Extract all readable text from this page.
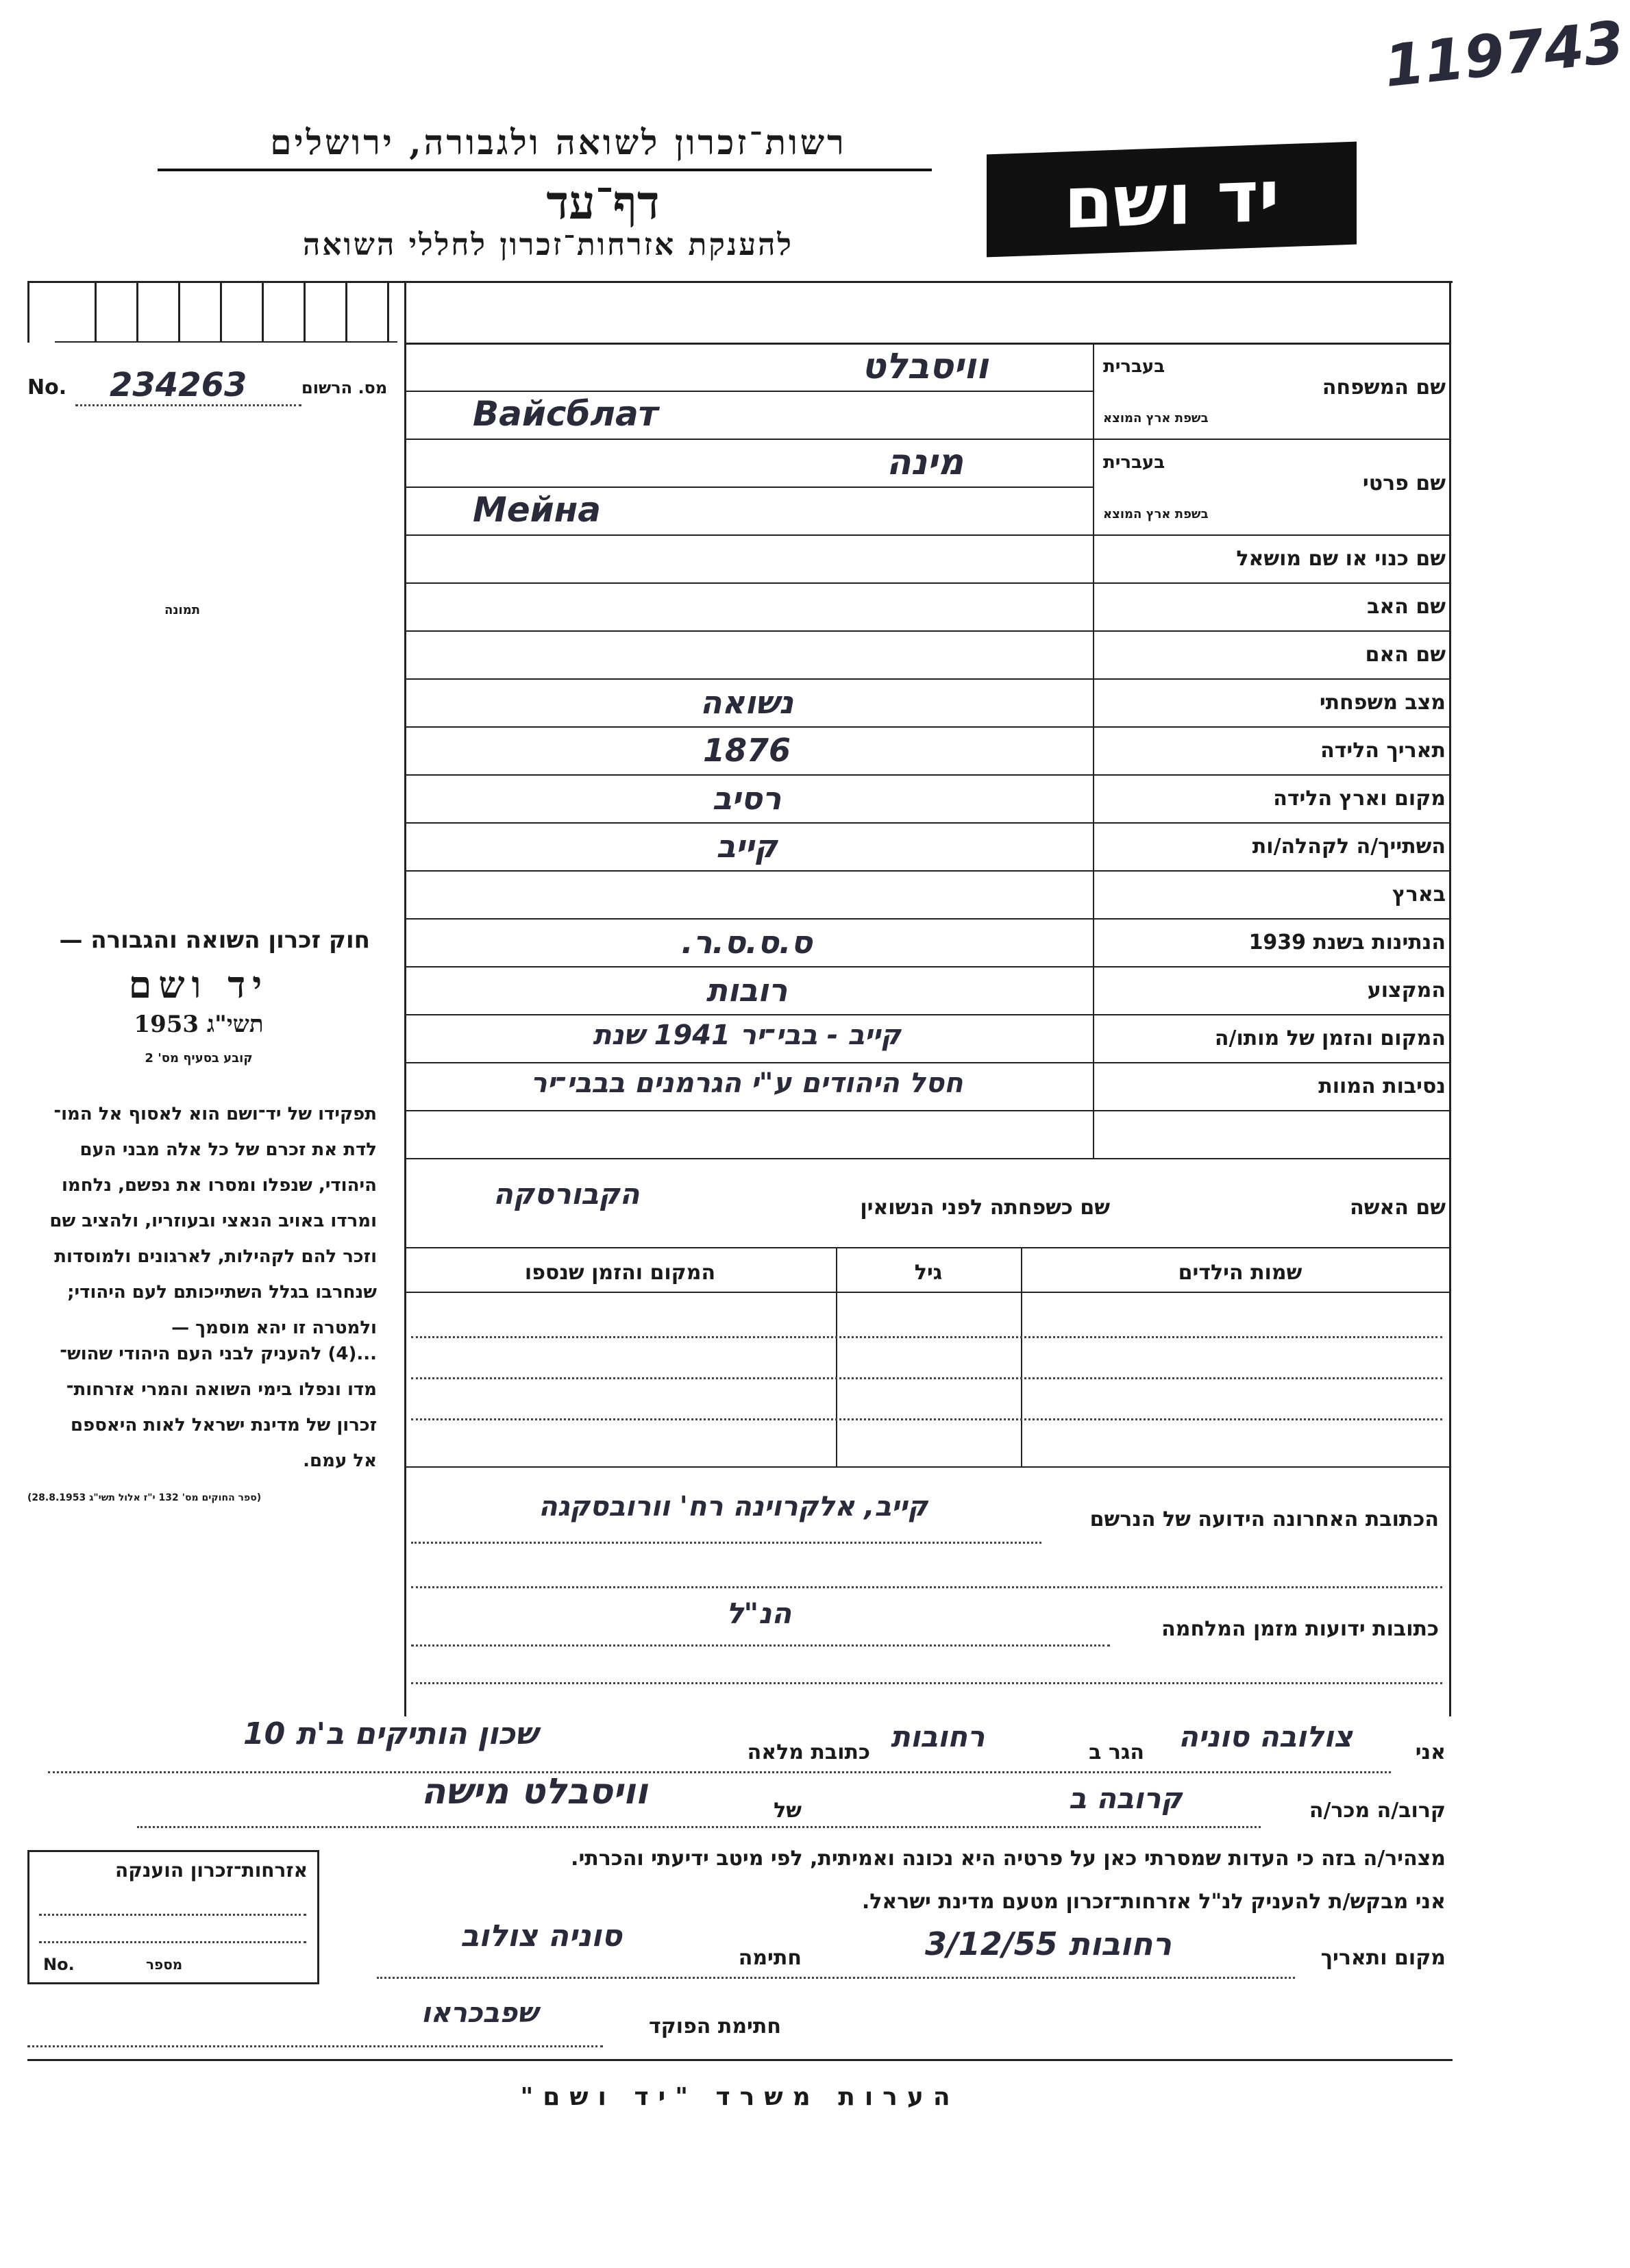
119743
רשות־זכרון לשואה ולגבורה, ירושלים
דף־עד
להענקת אזרחות־זכרון לחללי השואה
יד ושם
No. 234263	מס. הרשום
תמונה
שם המשפחה
בעברית
בשפת ארץ המוצא
וויסבלט
Вайсблат
שם פרטי
בעברית
בשפת ארץ המוצא
מינה
Мейна
שם כנוי או שם מושאל
שם האב
שם האם
מצב משפחתי
נשואה
תאריך הלידה
1876
מקום וארץ הלידה
רסיב
השתייך/ה לקהלה/ות
קייב
בארץ
הנתינות בשנת 1939
ס.ס.ס.ר.
המקצוע
רובות
המקום והזמן של מותו/ה
קייב - בבי־יר 1941 שנת
נסיבות המוות
חסל היהודים ע"י הגרמנים בבבי־יר
חוק זכרון השואה והגבורה —
יד ושם
תשי"ג 1953
קובע בסעיף מס' 2
תפקידו של יד־ושם הוא לאסוף אל המו־
לדת את זכרם של כל אלה מבני העם
היהודי, שנפלו ומסרו את נפשם, נלחמו
ומרדו באויב הנאצי ובעוזריו, ולהציב שם
וזכר להם לקהילות, לארגונים ולמוסדות
שנחרבו בגלל השתייכותם לעם היהודי;
ולמטרה זו יהא מוסמך —
...(4) להעניק לבני העם היהודי שהוש־
מדו ונפלו בימי השואה והמרי אזרחות־
זכרון של מדינת ישראל לאות היאספם
אל עמם.
(ספר החוקים מס' 132 י"ז אלול תשי"ג 28.8.1953)
שם האשה
שם כשפחתה לפני הנשואין
הקבורסקה
שמות הילדים
גיל
המקום והזמן שנספו
הכתובת האחרונה הידועה של הנרשם
קייב, אלקרוינה רח' וורובסקגה
כתובות ידועות מזמן המלחמה
הנ"ל
אני
צולובה סוניה
הגר ב
רחובות
כתובת מלאה
שכון הותיקים ב'ת 10
קרוב/ה מכר/ה
קרובה ב
של
וויסבלט מישה
מצהיר/ה בזה כי העדות שמסרתי כאן על פרטיה היא נכונה ואמיתית, לפי מיטב ידיעתי והכרתי.
אני מבקש/ת להעניק לנ"ל אזרחות־זכרון מטעם מדינת ישראל.
מקום ותאריך
רחובות 3/12/55
חתימה
סוניה צולוב
חתימת הפוקד
שפבכראו
אזרחות־זכרון הוענקה
No.	מספר
הערות משרד "יד ושם"
